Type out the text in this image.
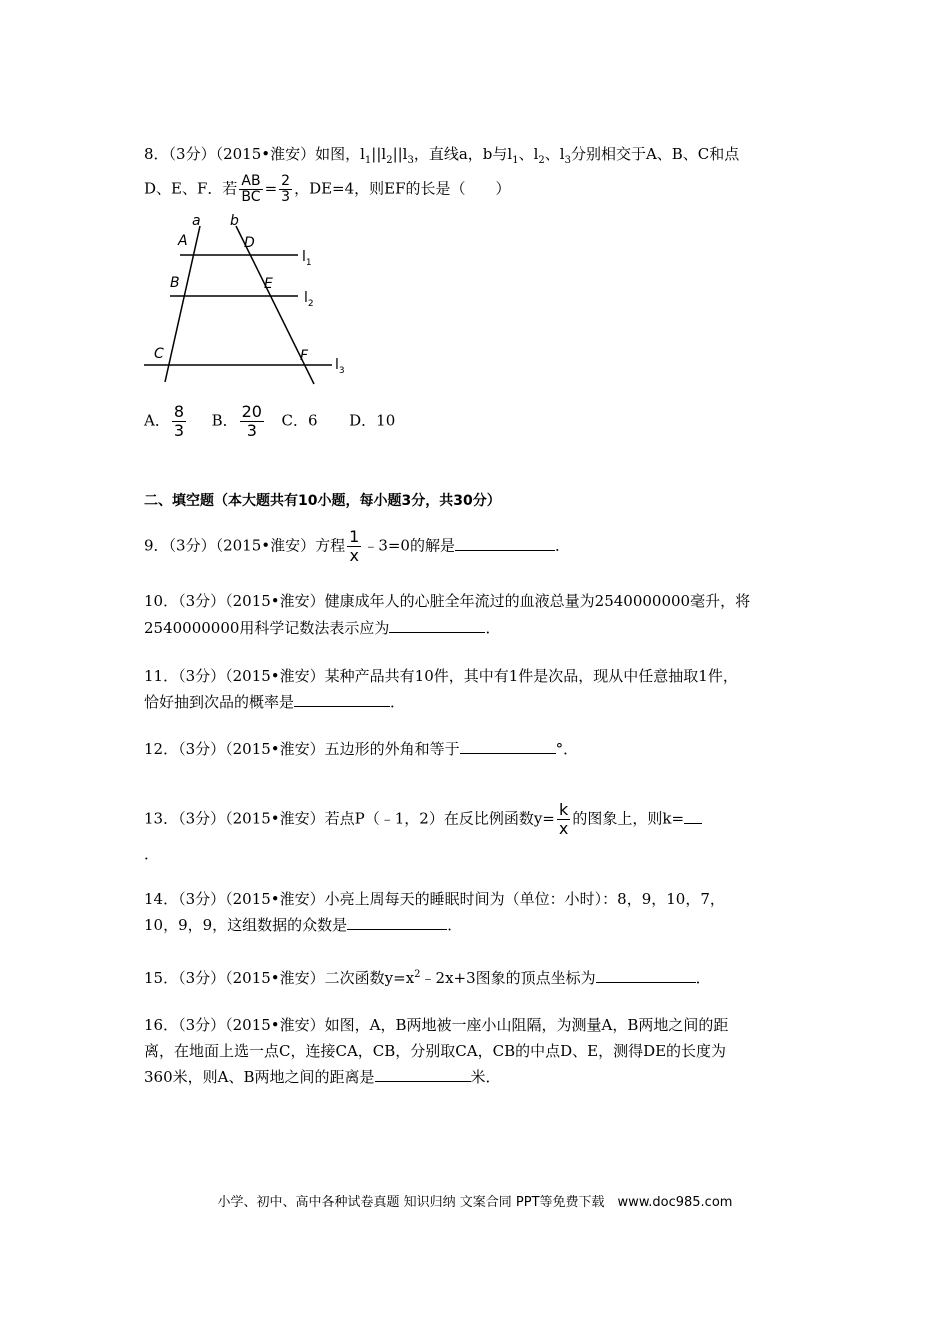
8．（3分）（2015•淮安）如图，$l_1||l_2||l_3$，直线a，b与$l_1$、$l_2$、$l_3$分别相交于A、B、C和点
D、E、F．若 $\frac{AB}{BC} = \frac{2}{3}$ ，DE=4，则EF的长是（　　）
a b
A	D
B	E
C	F
$l_1$
$l_2$
$l_3$
A． $\frac{8}{3}$ B． $\frac{20}{3}$ C．6 D．10
二、填空题（本大题共有10小题，每小题3分，共30分）
9．（3分）（2015•淮安）方程 $\frac{1}{x}$ ﹣3=0的解是	．
10．（3分）（2015•淮安）健康成年人的心脏全年流过的血液总量为2540000000毫升，将
2540000000用科学记数法表示应为	．
11．（3分）（2015•淮安）某种产品共有10件，其中有1件是次品，现从中任意抽取1件，
恰好抽到次品的概率是	．
12．（3分）（2015•淮安）五边形的外角和等于	°．
13．（3分）（2015•淮安）若点P（﹣1，2）在反比例函数$y= \frac{k}{x}$ 的图象上，则k=
．
14．（3分）（2015•淮安）小亮上周每天的睡眠时间为（单位：小时）：8，9，10，7，
10，9，9，这组数据的众数是	．
15．（3分）（2015•淮安）二次函数$y=x^2﹣2x+3$图象的顶点坐标为	．
16．（3分）（2015•淮安）如图，A，B两地被一座小山阻隔，为测量A，B两地之间的距
离，在地面上选一点C，连接CA，CB，分别取CA，CB的中点D、E，测得DE的长度为
360米，则A、B两地之间的距离是	米．
小学、初中、高中各种试卷真题 知识归纳 文案合同 PPT等免费下载　www.doc985.com
